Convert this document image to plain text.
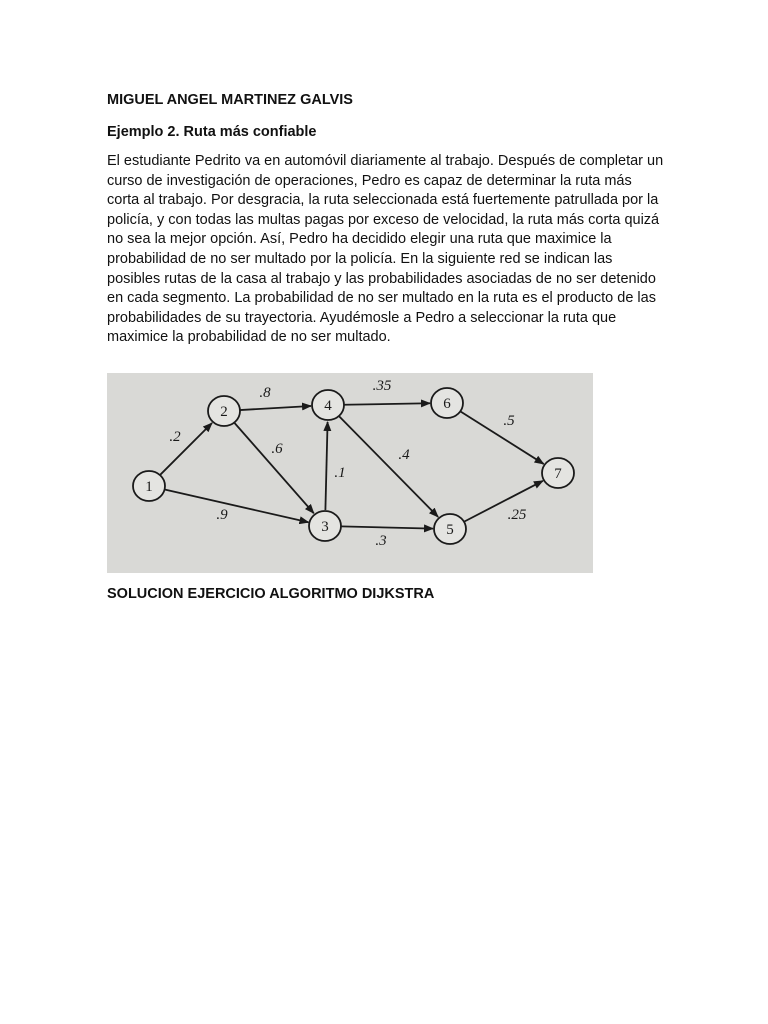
MIGUEL ANGEL MARTINEZ GALVIS

Ejemplo 2. Ruta más confiable

El estudiante Pedrito va en automóvil diariamente al trabajo. Después de completar un curso de investigación de operaciones, Pedro es capaz de determinar la ruta más corta al trabajo. Por desgracia, la ruta seleccionada está fuertemente patrullada por la policía, y con todas las multas pagas por exceso de velocidad, la ruta más corta quizá no sea la mejor opción. Así, Pedro ha decidido elegir una ruta que maximice la probabilidad de no ser multado por la policía. En la siguiente red se indican las posibles rutas de la casa al trabajo y las probabilidades asociadas de no ser detenido en cada segmento. La probabilidad de no ser multado en la ruta es el producto de las probabilidades de su trayectoria. Ayudémosle a Pedro a seleccionar la ruta que maximice la probabilidad de no ser multado.

.2
.9
.8
.6
.1
.3
.35
.4
.5
.25
1
2
3
4
5
6
7

SOLUCION EJERCICIO ALGORITMO DIJKSTRA
